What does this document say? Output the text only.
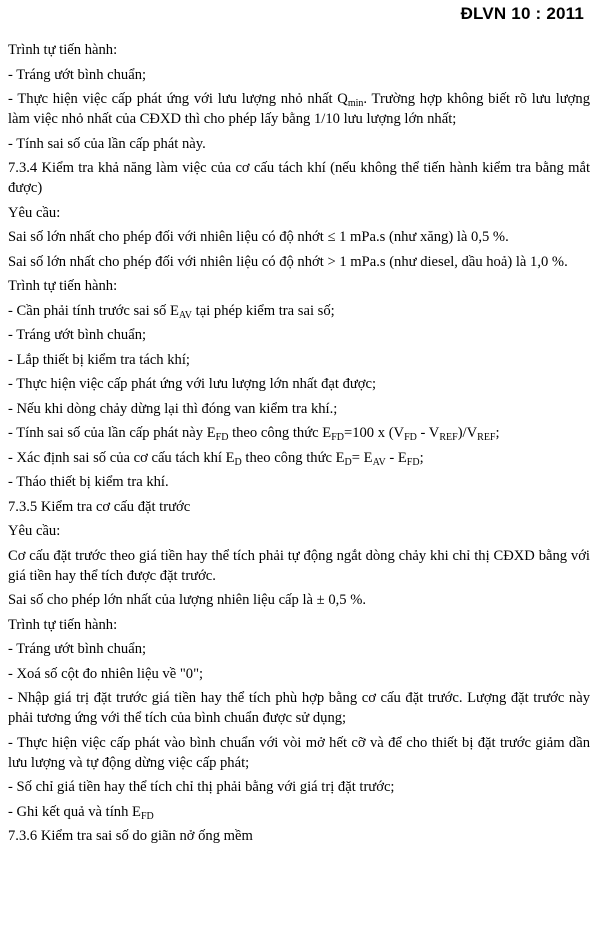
ĐLVN 10 : 2011

Trình tự tiến hành:

- Tráng ướt bình chuẩn;

- Thực hiện việc cấp phát ứng với lưu lượng nhỏ nhất $Q_{min}$. Trường hợp không biết rõ lưu lượng làm việc nhỏ nhất của CĐXD thì cho phép lấy bằng 1/10 lưu lượng lớn nhất;

- Tính sai số của lần cấp phát này.

7.3.4 Kiểm tra khả năng làm việc của cơ cấu tách khí (nếu không thể tiến hành kiểm tra bằng mắt được)

Yêu cầu:

Sai số lớn nhất cho phép đối với nhiên liệu có độ nhớt ≤ 1 mPa.s (như xăng) là 0,5 %.

Sai số lớn nhất cho phép đối với nhiên liệu có độ nhớt > 1 mPa.s (như diesel, dầu hoả) là 1,0 %.

Trình tự tiến hành:

- Cần phải tính trước sai số $E_{AV}$ tại phép kiểm tra sai số;

- Tráng ướt bình chuẩn;

- Lắp thiết bị kiểm tra tách khí;

- Thực hiện việc cấp phát ứng với lưu lượng lớn nhất đạt được;

- Nếu khi dòng chảy dừng lại thì đóng van kiểm tra khí.;

- Tính sai số của lần cấp phát này $E_{FD}$ theo công thức $E_{FD}=100$ x $(V_{FD} - V_{REF})/V_{REF}$;

- Xác định sai số của cơ cấu tách khí $E_D$ theo công thức $E_D= E_{AV} - E_{FD}$;

- Tháo thiết bị kiểm tra khí.

7.3.5 Kiểm tra cơ cấu đặt trước

Yêu cầu:

Cơ cấu đặt trước theo giá tiền hay thể tích phải tự động ngắt dòng chảy khi chỉ thị CĐXD bằng với giá tiền hay thể tích được đặt trước.

Sai số cho phép lớn nhất của lượng nhiên liệu cấp là ± 0,5 %.

Trình tự tiến hành:

- Tráng ướt bình chuẩn;

- Xoá số cột đo nhiên liệu về "0";

- Nhập giá trị đặt trước giá tiền hay thể tích phù hợp bằng cơ cấu đặt trước. Lượng đặt trước này phải tương ứng với thể tích của bình chuẩn được sử dụng;

- Thực hiện việc cấp phát vào bình chuẩn với vòi mở hết cỡ và để cho thiết bị đặt trước giảm dần lưu lượng và tự động dừng việc cấp phát;

- Số chỉ giá tiền hay thể tích chỉ thị phải bằng với giá trị đặt trước;

- Ghi kết quả và tính $E_{FD}$

7.3.6 Kiểm tra sai số do giãn nở ống mềm
